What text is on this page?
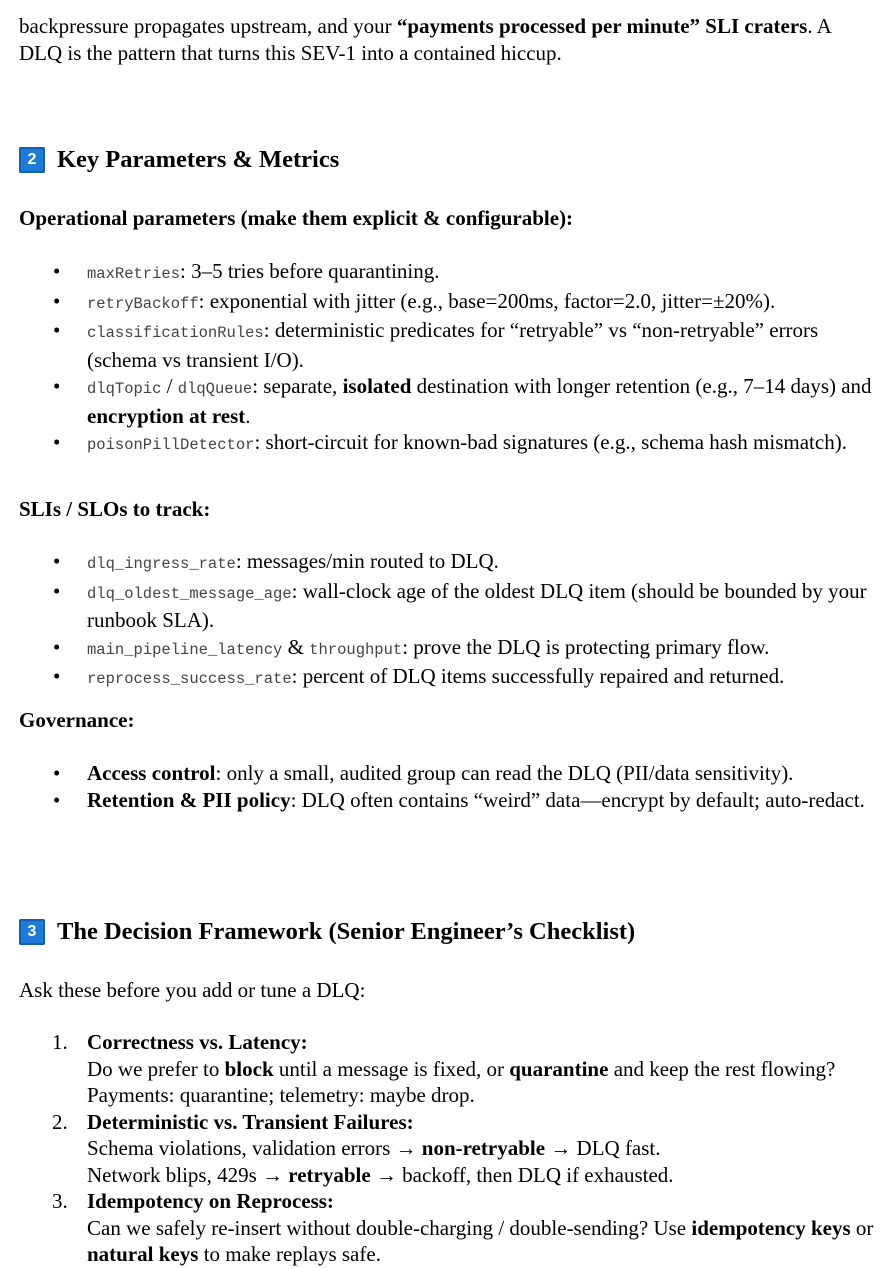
backpressure propagates upstream, and your “payments processed per minute” SLI craters. A DLQ is the pattern that turns this SEV-1 into a contained hiccup.

2 Key Parameters & Metrics

Operational parameters (make them explicit & configurable):

• maxRetries: 3–5 tries before quarantining.
• retryBackoff: exponential with jitter (e.g., base=200ms, factor=2.0, jitter=±20%).
• classificationRules: deterministic predicates for “retryable” vs “non-retryable” errors (schema vs transient I/O).
• dlqTopic / dlqQueue: separate, isolated destination with longer retention (e.g., 7–14 days) and encryption at rest.
• poisonPillDetector: short-circuit for known-bad signatures (e.g., schema hash mismatch).

SLIs / SLOs to track:

• dlq_ingress_rate: messages/min routed to DLQ.
• dlq_oldest_message_age: wall-clock age of the oldest DLQ item (should be bounded by your runbook SLA).
• main_pipeline_latency & throughput: prove the DLQ is protecting primary flow.
• reprocess_success_rate: percent of DLQ items successfully repaired and returned.

Governance:

• Access control: only a small, audited group can read the DLQ (PII/data sensitivity).
• Retention & PII policy: DLQ often contains “weird” data—encrypt by default; auto-redact.
3 The Decision Framework (Senior Engineer’s Checklist)

Ask these before you add or tune a DLQ:

1. Correctness vs. Latency:
Do we prefer to block until a message is fixed, or quarantine and keep the rest flowing? Payments: quarantine; telemetry: maybe drop.
2. Deterministic vs. Transient Failures:
Schema violations, validation errors → non-retryable → DLQ fast.
Network blips, 429s → retryable → backoff, then DLQ if exhausted.
3. Idempotency on Reprocess:
Can we safely re-insert without double-charging / double-sending? Use idempotency keys or natural keys to make replays safe.
